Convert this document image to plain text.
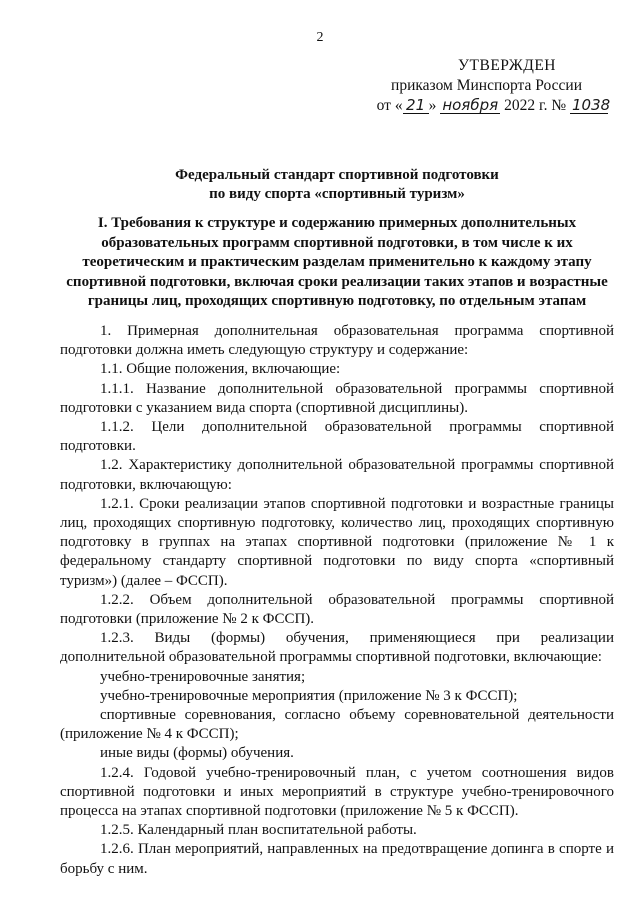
2
УТВЕРЖДЕН
приказом Минспорта России
от « 21 » ноября 2022 г. № 1038
Федеральный стандарт спортивной подготовки
по виду спорта «спортивный туризм»
I. Требования к структуре и содержанию примерных дополнительных образовательных программ спортивной подготовки, в том числе к их теоретическим и практическим разделам применительно к каждому этапу спортивной подготовки, включая сроки реализации таких этапов и возрастные границы лиц, проходящих спортивную подготовку, по отдельным этапам

1. Примерная дополнительная образовательная программа спортивной подготовки должна иметь следующую структуру и содержание:

1.1. Общие положения, включающие:

1.1.1. Название дополнительной образовательной программы спортивной подготовки с указанием вида спорта (спортивной дисциплины).

1.1.2. Цели дополнительной образовательной программы спортивной подготовки.

1.2. Характеристику дополнительной образовательной программы спортивной подготовки, включающую:

1.2.1. Сроки реализации этапов спортивной подготовки и возрастные границы лиц, проходящих спортивную подготовку, количество лиц, проходящих спортивную подготовку в группах на этапах спортивной подготовки (приложение № 1 к федеральному стандарту спортивной подготовки по виду спорта «спортивный туризм») (далее – ФССП).

1.2.2. Объем дополнительной образовательной программы спортивной подготовки (приложение № 2 к ФССП).

1.2.3. Виды (формы) обучения, применяющиеся при реализации дополнительной образовательной программы спортивной подготовки, включающие:

учебно-тренировочные занятия;

учебно-тренировочные мероприятия (приложение № 3 к ФССП);

спортивные соревнования, согласно объему соревновательной деятельности (приложение № 4 к ФССП);

иные виды (формы) обучения.

1.2.4. Годовой учебно-тренировочный план, с учетом соотношения видов спортивной подготовки и иных мероприятий в структуре учебно-тренировочного процесса на этапах спортивной подготовки (приложение № 5 к ФССП).

1.2.5. Календарный план воспитательной работы.

1.2.6. План мероприятий, направленных на предотвращение допинга в спорте и борьбу с ним.
